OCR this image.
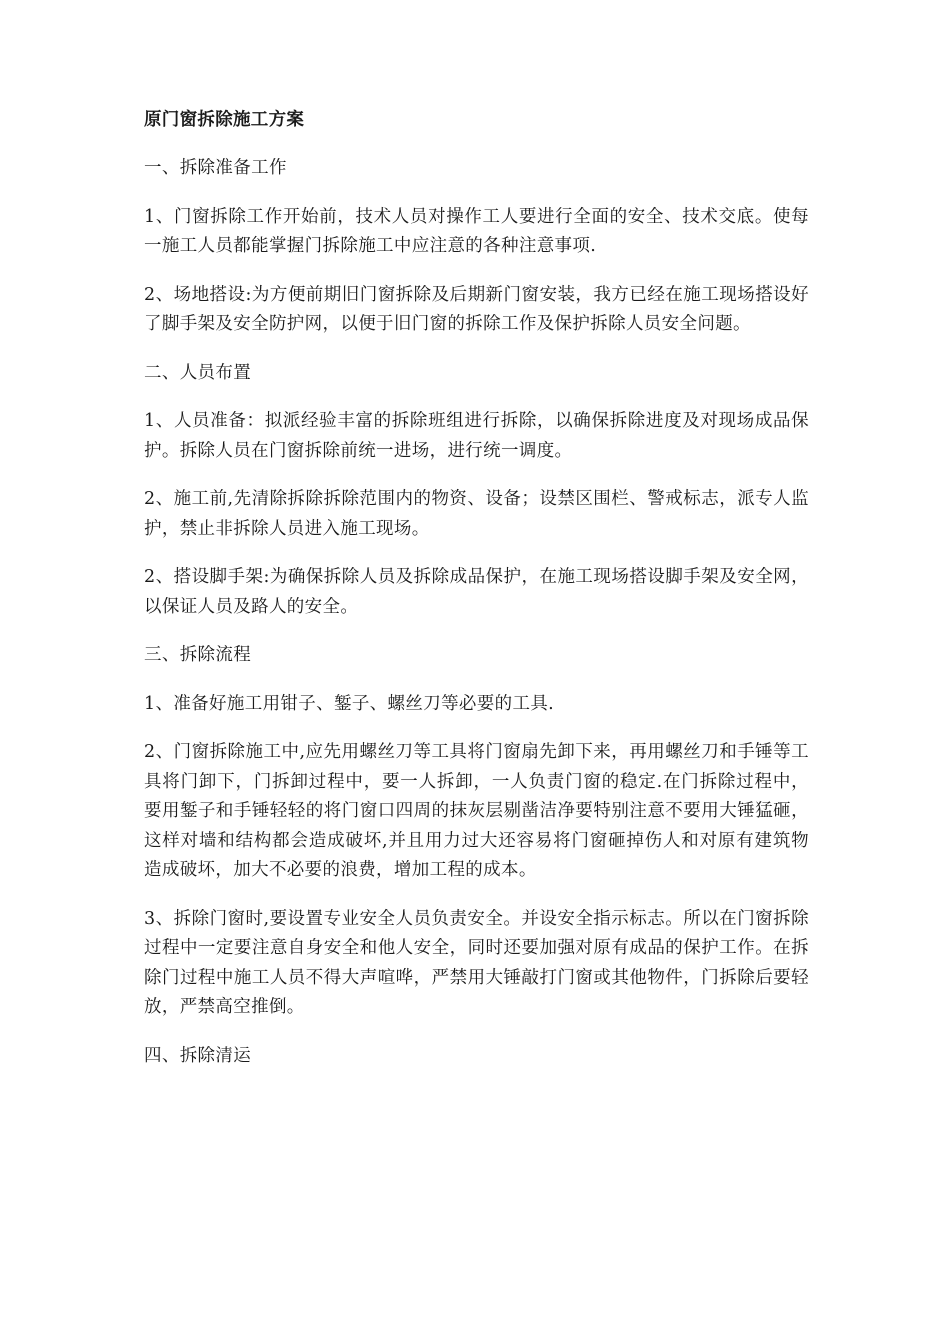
原门窗拆除施工方案

一、拆除准备工作

1、门窗拆除工作开始前，技术人员对操作工人要进行全面的安全、技术交底。使每一施工人员都能掌握门拆除施工中应注意的各种注意事项.

2、场地搭设:为方便前期旧门窗拆除及后期新门窗安装，我方已经在施工现场搭设好了脚手架及安全防护网，以便于旧门窗的拆除工作及保护拆除人员安全问题。

二、人员布置

1、人员准备：拟派经验丰富的拆除班组进行拆除，以确保拆除进度及对现场成品保护。拆除人员在门窗拆除前统一进场，进行统一调度。

2、施工前,先清除拆除拆除范围内的物资、设备；设禁区围栏、警戒标志，派专人监护，禁止非拆除人员进入施工现场。

2、搭设脚手架:为确保拆除人员及拆除成品保护，在施工现场搭设脚手架及安全网，以保证人员及路人的安全。

三、拆除流程

1、准备好施工用钳子、錾子、螺丝刀等必要的工具.

2、门窗拆除施工中,应先用螺丝刀等工具将门窗扇先卸下来，再用螺丝刀和手锤等工具将门卸下，门拆卸过程中，要一人拆卸，一人负责门窗的稳定.在门拆除过程中，要用錾子和手锤轻轻的将门窗口四周的抹灰层剔凿洁净要特别注意不要用大锤猛砸，这样对墙和结构都会造成破坏,并且用力过大还容易将门窗砸掉伤人和对原有建筑物造成破坏，加大不必要的浪费，增加工程的成本。

3、拆除门窗时,要设置专业安全人员负责安全。并设安全指示标志。所以在门窗拆除过程中一定要注意自身安全和他人安全，同时还要加强对原有成品的保护工作。在拆除门过程中施工人员不得大声喧哗，严禁用大锤敲打门窗或其他物件，门拆除后要轻放，严禁高空推倒。

四、拆除清运
